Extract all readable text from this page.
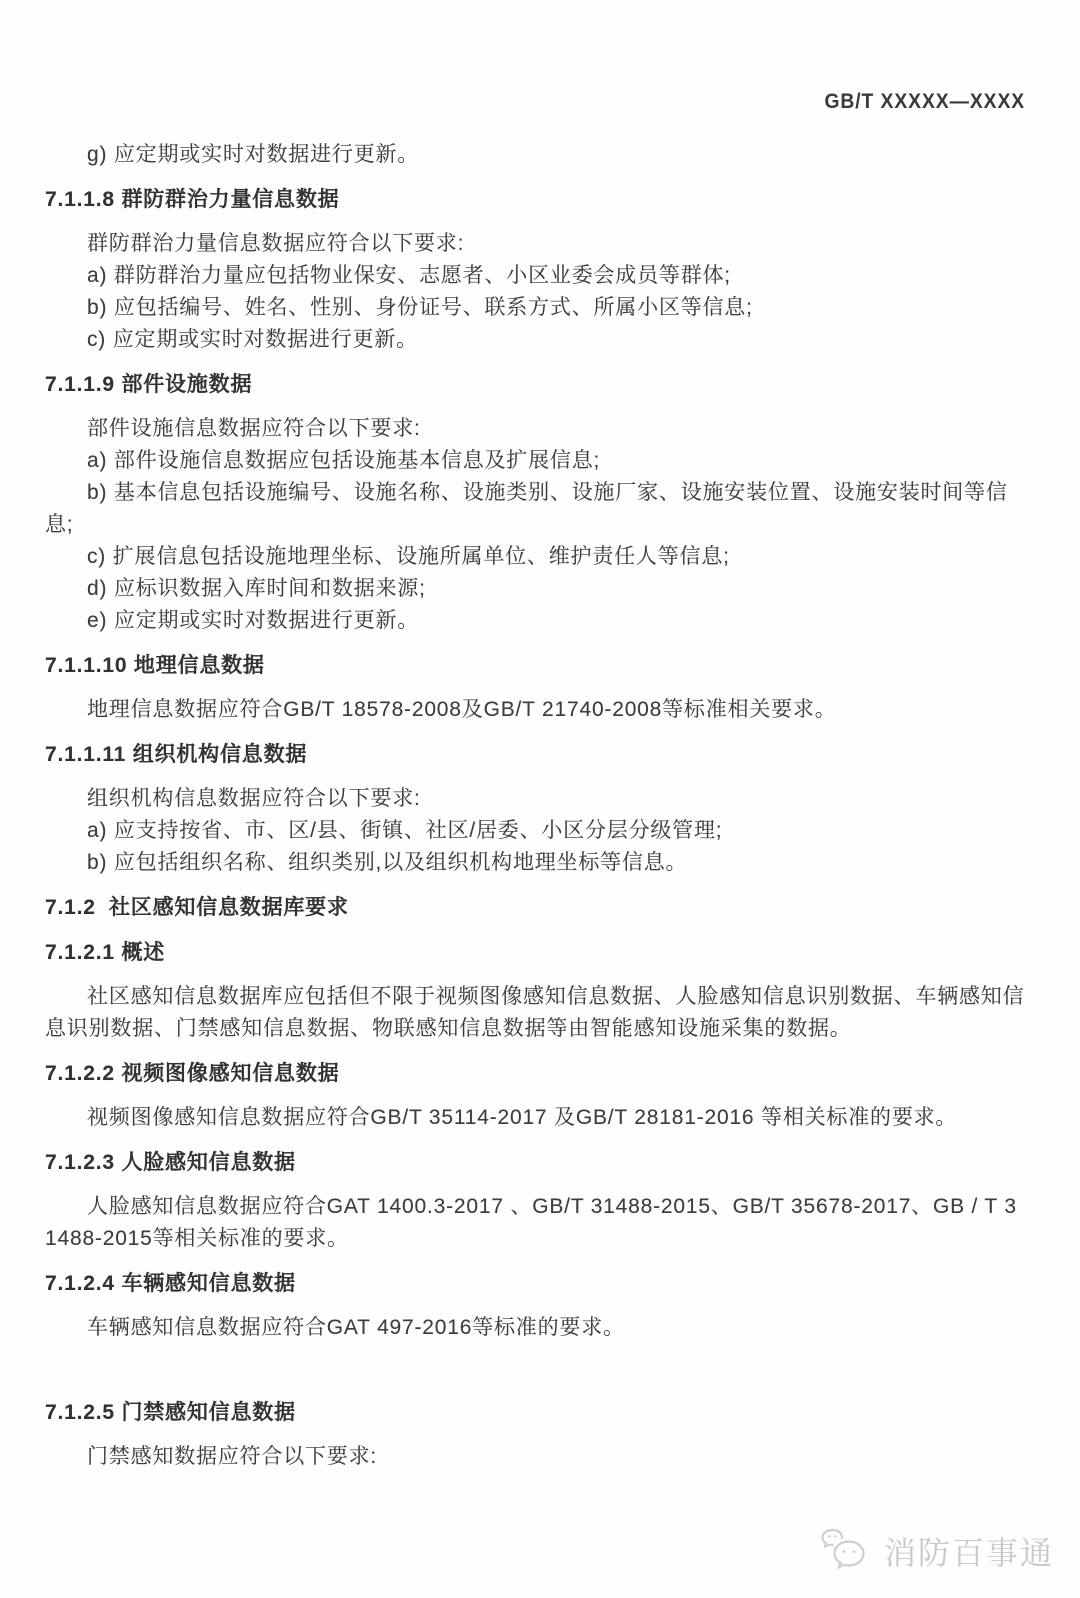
GB/T XXXXX—XXXX

g) 应定期或实时对数据进行更新。

7.1.1.8 群防群治力量信息数据

群防群治力量信息数据应符合以下要求:

a) 群防群治力量应包括物业保安、志愿者、小区业委会成员等群体;

b) 应包括编号、姓名、性别、身份证号、联系方式、所属小区等信息;

c) 应定期或实时对数据进行更新。

7.1.1.9 部件设施数据

部件设施信息数据应符合以下要求:

a) 部件设施信息数据应包括设施基本信息及扩展信息;

b) 基本信息包括设施编号、设施名称、设施类别、设施厂家、设施安装位置、设施安装时间等信息;

c) 扩展信息包括设施地理坐标、设施所属单位、维护责任人等信息;

d) 应标识数据入库时间和数据来源;

e) 应定期或实时对数据进行更新。

7.1.1.10 地理信息数据

地理信息数据应符合GB/T 18578-2008及GB/T 21740-2008等标准相关要求。

7.1.1.11 组织机构信息数据

组织机构信息数据应符合以下要求:

a) 应支持按省、市、区/县、街镇、社区/居委、小区分层分级管理;

b) 应包括组织名称、组织类别,以及组织机构地理坐标等信息。

7.1.2  社区感知信息数据库要求

7.1.2.1 概述

社区感知信息数据库应包括但不限于视频图像感知信息数据、人脸感知信息识别数据、车辆感知信息识别数据、门禁感知信息数据、物联感知信息数据等由智能感知设施采集的数据。

7.1.2.2 视频图像感知信息数据

视频图像感知信息数据应符合GB/T 35114-2017 及GB/T 28181-2016 等相关标准的要求。

7.1.2.3 人脸感知信息数据

人脸感知信息数据应符合GAT 1400.3-2017 、GB/T 31488-2015、GB/T 35678-2017、GB / T 31488-2015等相关标准的要求。

7.1.2.4 车辆感知信息数据

车辆感知信息数据应符合GAT 497-2016等标准的要求。

7.1.2.5 门禁感知信息数据

门禁感知数据应符合以下要求:

消防百事通
